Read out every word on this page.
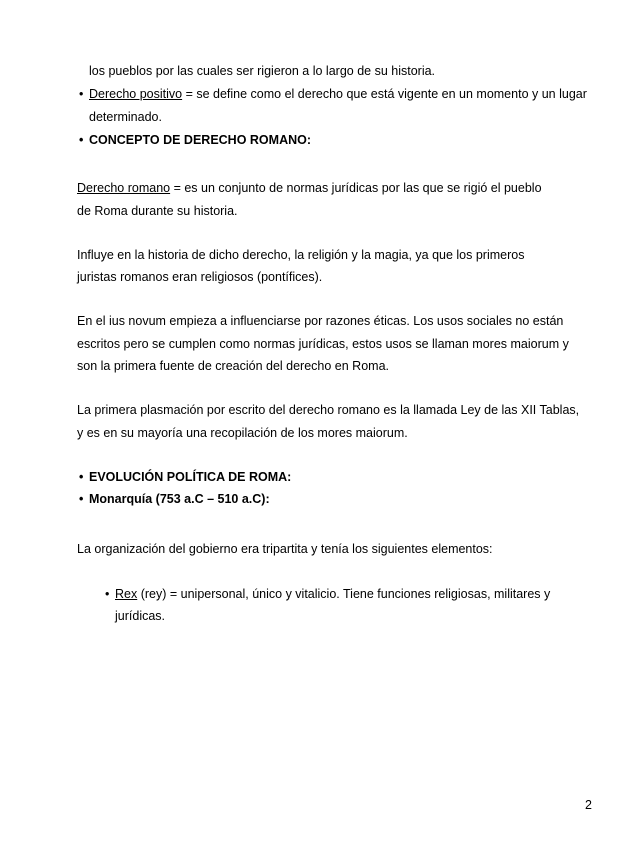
los pueblos por las cuales ser rigieron a lo largo de su historia.
• Derecho positivo = se define como el derecho que está vigente en un momento y un lugar
determinado.
• CONCEPTO DE DERECHO ROMANO:
Derecho romano = es un conjunto de normas jurídicas por las que se rigió el pueblo
de Roma durante su historia.
Influye en la historia de dicho derecho, la religión y la magia, ya que los primeros
juristas romanos eran religiosos (pontífices).
En el ius novum empieza a influenciarse por razones éticas. Los usos sociales no están
escritos pero se cumplen como normas jurídicas, estos usos se llaman mores maiorum y
son la primera fuente de creación del derecho en Roma.
La primera plasmación por escrito del derecho romano es la llamada Ley de las XII Tablas,
y es en su mayoría una recopilación de los mores maiorum.
• EVOLUCIÓN POLÍTICA DE ROMA:
• Monarquía (753 a.C – 510 a.C):
La organización del gobierno era tripartita y tenía los siguientes elementos:
• Rex (rey) = unipersonal, único y vitalicio. Tiene funciones religiosas, militares y
jurídicas.
2
